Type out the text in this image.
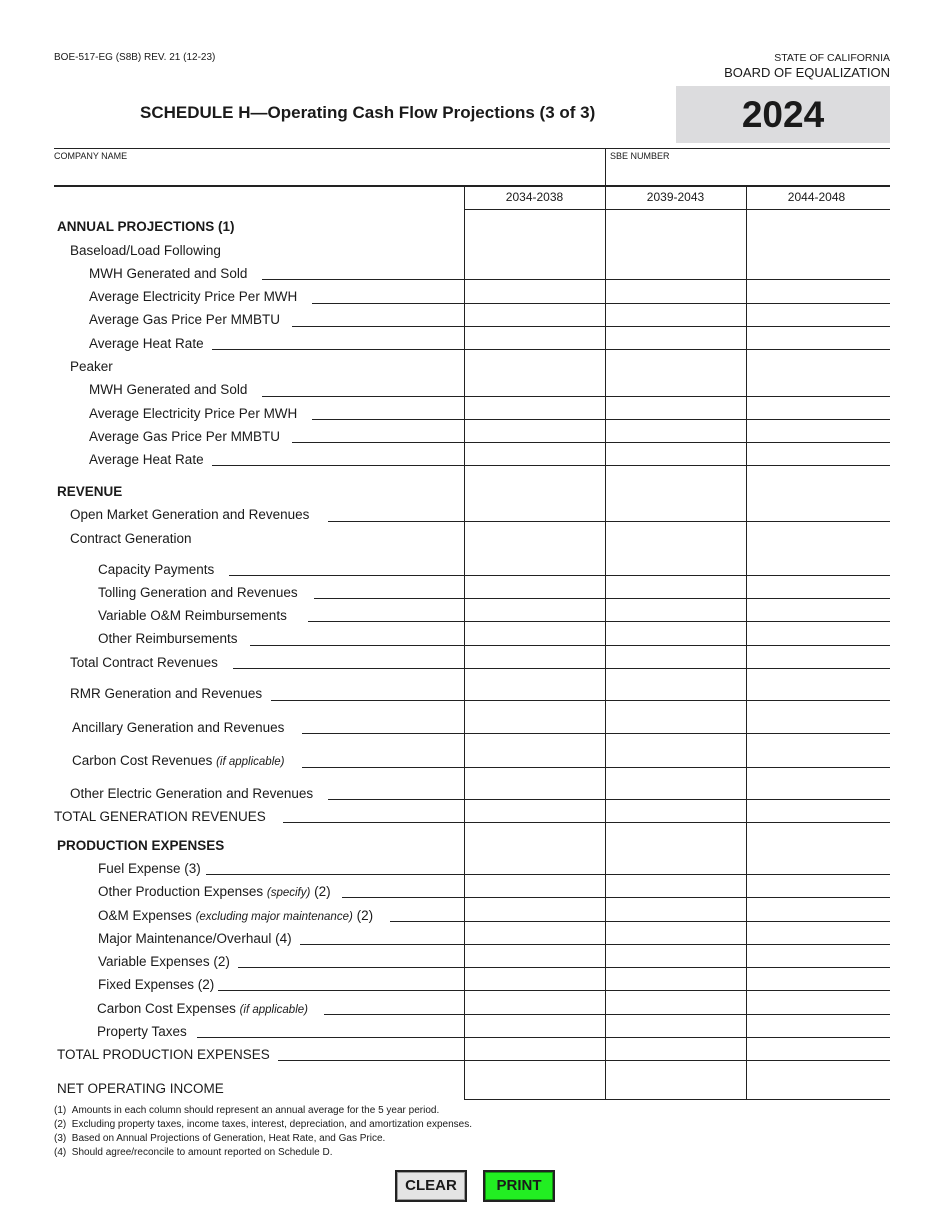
BOE-517-EG (S8B) REV. 21 (12-23)	STATE OF CALIFORNIA
BOARD OF EQUALIZATION
SCHEDULE H—Operating Cash Flow Projections (3 of 3)	2024
COMPANY NAME	SBE NUMBER
2034-2038	2039-2043	2044-2048
ANNUAL PROJECTIONS (1)
Baseload/Load Following
MWH Generated and Sold
Average Electricity Price Per MWH
Average Gas Price Per MMBTU
Average Heat Rate
Peaker
MWH Generated and Sold
Average Electricity Price Per MWH
Average Gas Price Per MMBTU
Average Heat Rate
REVENUE
Open Market Generation and Revenues
Contract Generation
Capacity Payments
Tolling Generation and Revenues
Variable O&M Reimbursements
Other Reimbursements
Total Contract Revenues
RMR Generation and Revenues
Ancillary Generation and Revenues
Carbon Cost Revenues (if applicable)
Other Electric Generation and Revenues
TOTAL GENERATION REVENUES
PRODUCTION EXPENSES
Fuel Expense (3)
Other Production Expenses (specify) (2)
O&M Expenses (excluding major maintenance) (2)
Major Maintenance/Overhaul (4)
Variable Expenses (2)
Fixed Expenses (2)
Carbon Cost Expenses (if applicable)
Property Taxes
TOTAL PRODUCTION EXPENSES
NET OPERATING INCOME
(1)  Amounts in each column should represent an annual average for the 5 year period.
(2)  Excluding property taxes, income taxes, interest, depreciation, and amortization expenses.
(3)  Based on Annual Projections of Generation, Heat Rate, and Gas Price.
(4)  Should agree/reconcile to amount reported on Schedule D.
CLEAR	PRINT
